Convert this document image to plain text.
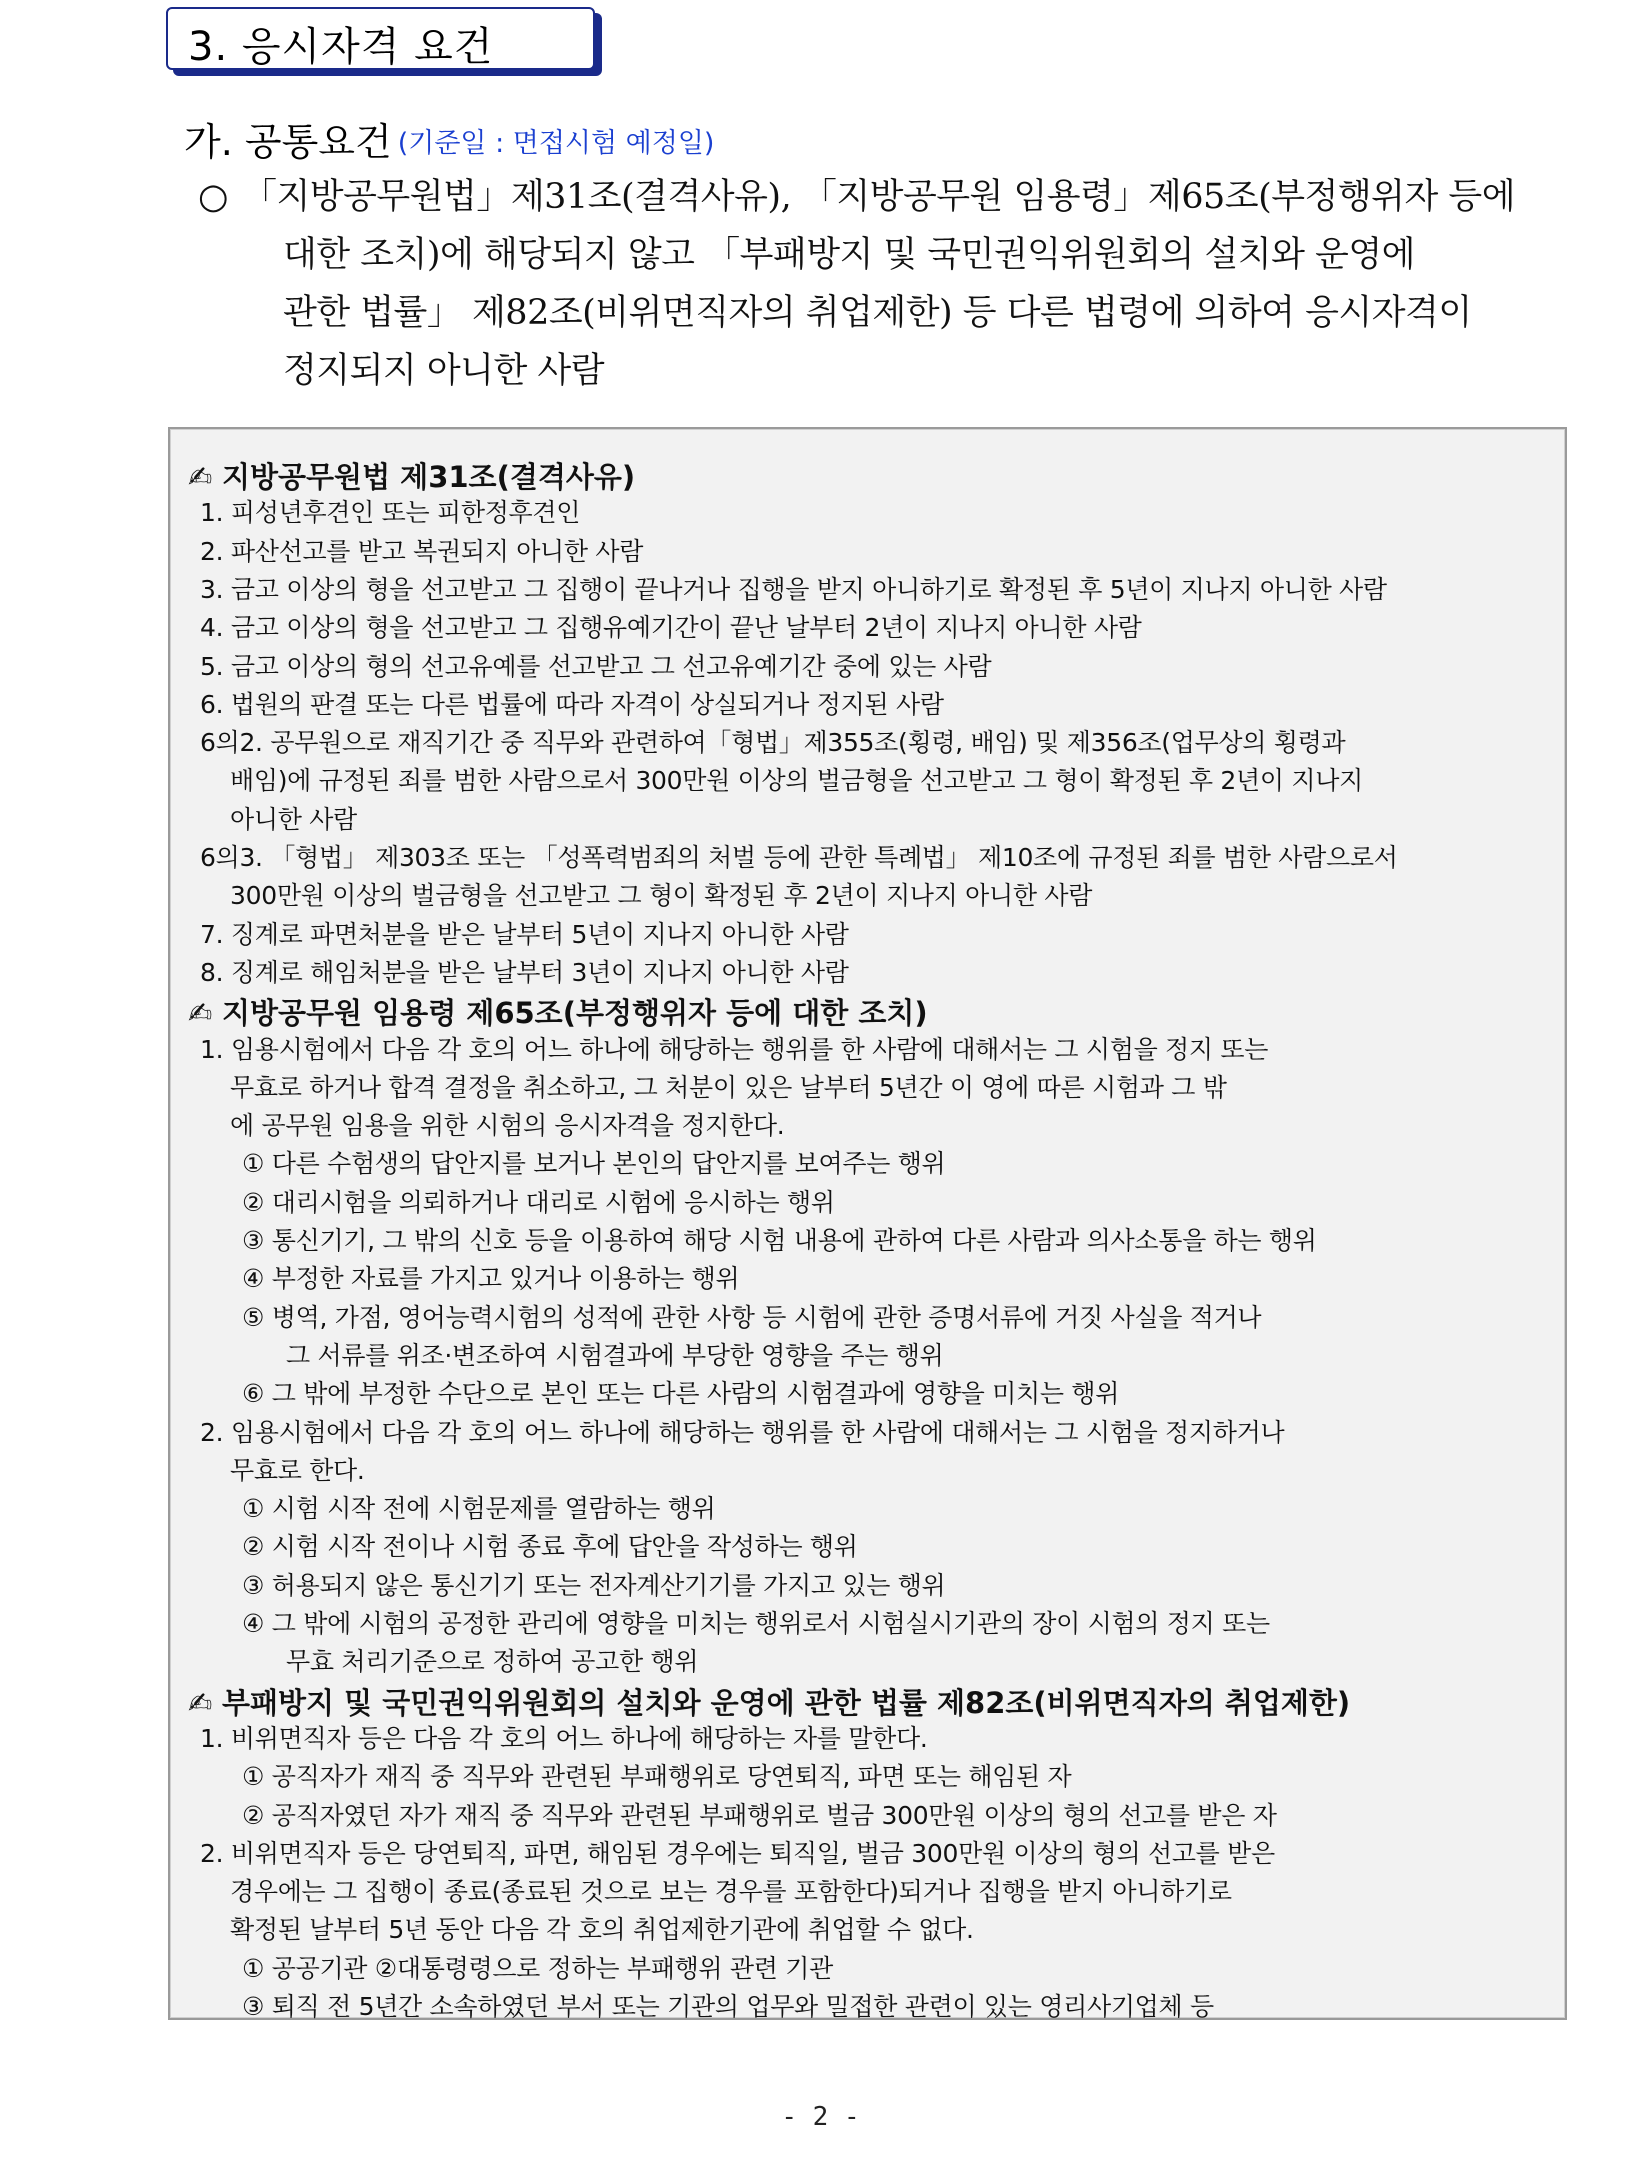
3. 응시자격 요건
가. 공통요건 (기준일 : 면접시험 예정일)
○ 「지방공무원법」제31조(결격사유), 「지방공무원 임용령」제65조(부정행위자 등에
대한 조치)에 해당되지 않고 「부패방지 및 국민권익위원회의 설치와 운영에
관한 법률」 제82조(비위면직자의 취업제한) 등 다른 법령에 의하여 응시자격이
정지되지 아니한 사람
✍ 지방공무원법 제31조(결격사유)
1. 피성년후견인 또는 피한정후견인
2. 파산선고를 받고 복권되지 아니한 사람
3. 금고 이상의 형을 선고받고 그 집행이 끝나거나 집행을 받지 아니하기로 확정된 후 5년이 지나지 아니한 사람
4. 금고 이상의 형을 선고받고 그 집행유예기간이 끝난 날부터 2년이 지나지 아니한 사람
5. 금고 이상의 형의 선고유예를 선고받고 그 선고유예기간 중에 있는 사람
6. 법원의 판결 또는 다른 법률에 따라 자격이 상실되거나 정지된 사람
6의2. 공무원으로 재직기간 중 직무와 관련하여「형법」제355조(횡령, 배임) 및 제356조(업무상의 횡령과
배임)에 규정된 죄를 범한 사람으로서 300만원 이상의 벌금형을 선고받고 그 형이 확정된 후 2년이 지나지
아니한 사람
6의3. 「형법」 제303조 또는 「성폭력범죄의 처벌 등에 관한 특례법」 제10조에 규정된 죄를 범한 사람으로서
300만원 이상의 벌금형을 선고받고 그 형이 확정된 후 2년이 지나지 아니한 사람
7. 징계로 파면처분을 받은 날부터 5년이 지나지 아니한 사람
8. 징계로 해임처분을 받은 날부터 3년이 지나지 아니한 사람
✍ 지방공무원 임용령 제65조(부정행위자 등에 대한 조치)
1. 임용시험에서 다음 각 호의 어느 하나에 해당하는 행위를 한 사람에 대해서는 그 시험을 정지 또는
무효로 하거나 합격 결정을 취소하고, 그 처분이 있은 날부터 5년간 이 영에 따른 시험과 그 밖
에 공무원 임용을 위한 시험의 응시자격을 정지한다.
① 다른 수험생의 답안지를 보거나 본인의 답안지를 보여주는 행위
② 대리시험을 의뢰하거나 대리로 시험에 응시하는 행위
③ 통신기기, 그 밖의 신호 등을 이용하여 해당 시험 내용에 관하여 다른 사람과 의사소통을 하는 행위
④ 부정한 자료를 가지고 있거나 이용하는 행위
⑤ 병역, 가점, 영어능력시험의 성적에 관한 사항 등 시험에 관한 증명서류에 거짓 사실을 적거나
그 서류를 위조·변조하여 시험결과에 부당한 영향을 주는 행위
⑥ 그 밖에 부정한 수단으로 본인 또는 다른 사람의 시험결과에 영향을 미치는 행위
2. 임용시험에서 다음 각 호의 어느 하나에 해당하는 행위를 한 사람에 대해서는 그 시험을 정지하거나
무효로 한다.
① 시험 시작 전에 시험문제를 열람하는 행위
② 시험 시작 전이나 시험 종료 후에 답안을 작성하는 행위
③ 허용되지 않은 통신기기 또는 전자계산기기를 가지고 있는 행위
④ 그 밖에 시험의 공정한 관리에 영향을 미치는 행위로서 시험실시기관의 장이 시험의 정지 또는
무효 처리기준으로 정하여 공고한 행위
✍ 부패방지 및 국민권익위원회의 설치와 운영에 관한 법률 제82조(비위면직자의 취업제한)
1. 비위면직자 등은 다음 각 호의 어느 하나에 해당하는 자를 말한다.
① 공직자가 재직 중 직무와 관련된 부패행위로 당연퇴직, 파면 또는 해임된 자
② 공직자였던 자가 재직 중 직무와 관련된 부패행위로 벌금 300만원 이상의 형의 선고를 받은 자
2. 비위면직자 등은 당연퇴직, 파면, 해임된 경우에는 퇴직일, 벌금 300만원 이상의 형의 선고를 받은
경우에는 그 집행이 종료(종료된 것으로 보는 경우를 포함한다)되거나 집행을 받지 아니하기로
확정된 날부터 5년 동안 다음 각 호의 취업제한기관에 취업할 수 없다.
① 공공기관 ②대통령령으로 정하는 부패행위 관련 기관
③ 퇴직 전 5년간 소속하였던 부서 또는 기관의 업무와 밀접한 관련이 있는 영리사기업체 등
- 2 -
